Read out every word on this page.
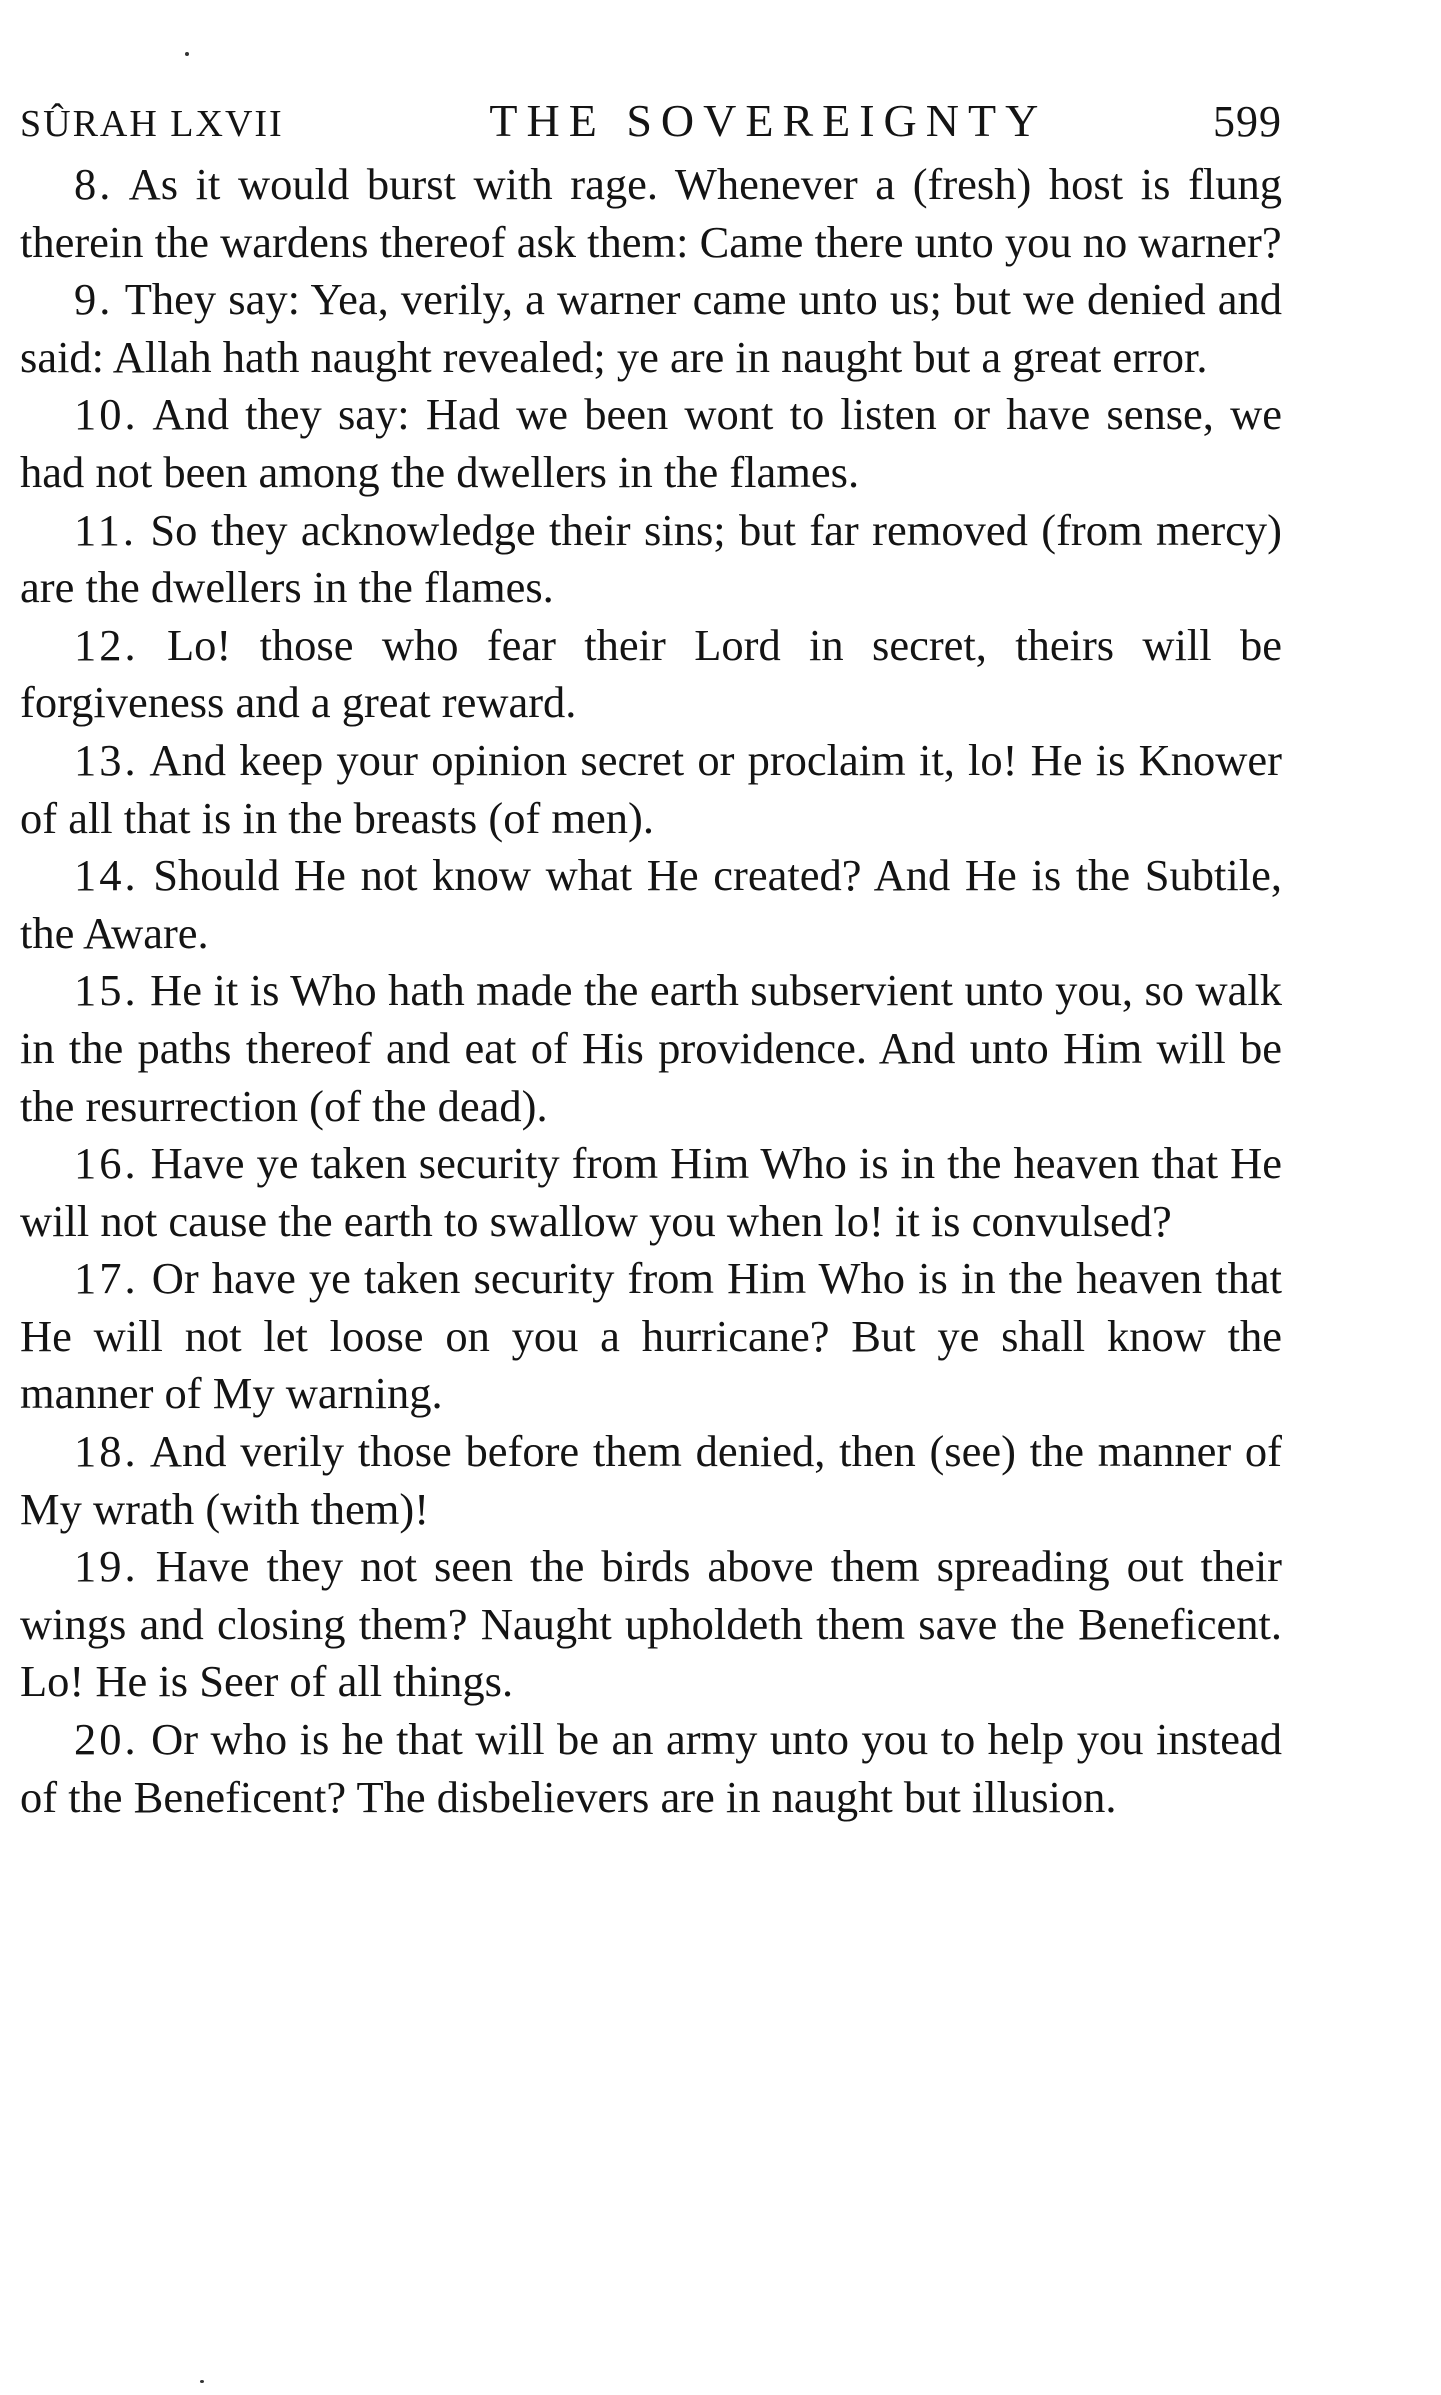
SÛRAH LXVII	THE SOVEREIGNTY	599

8. As it would burst with rage. Whenever a (fresh) host is flung therein the wardens thereof ask them: Came there unto you no warner?

9. They say: Yea, verily, a warner came unto us; but we denied and said: Allah hath naught revealed; ye are in naught but a great error.

10. And they say: Had we been wont to listen or have sense, we had not been among the dwellers in the flames.

11. So they acknowledge their sins; but far removed (from mercy) are the dwellers in the flames.

12. Lo! those who fear their Lord in secret, theirs will be forgiveness and a great reward.

13. And keep your opinion secret or proclaim it, lo! He is Knower of all that is in the breasts (of men).

14. Should He not know what He created? And He is the Subtile, the Aware.

15. He it is Who hath made the earth subservient unto you, so walk in the paths thereof and eat of His providence. And unto Him will be the resurrection (of the dead).

16. Have ye taken security from Him Who is in the heaven that He will not cause the earth to swallow you when lo! it is convulsed?

17. Or have ye taken security from Him Who is in the heaven that He will not let loose on you a hurricane? But ye shall know the manner of My warning.

18. And verily those before them denied, then (see) the manner of My wrath (with them)!

19. Have they not seen the birds above them spreading out their wings and closing them? Naught upholdeth them save the Beneficent. Lo! He is Seer of all things.

20. Or who is he that will be an army unto you to help you instead of the Beneficent? The disbelievers are in naught but illusion.
